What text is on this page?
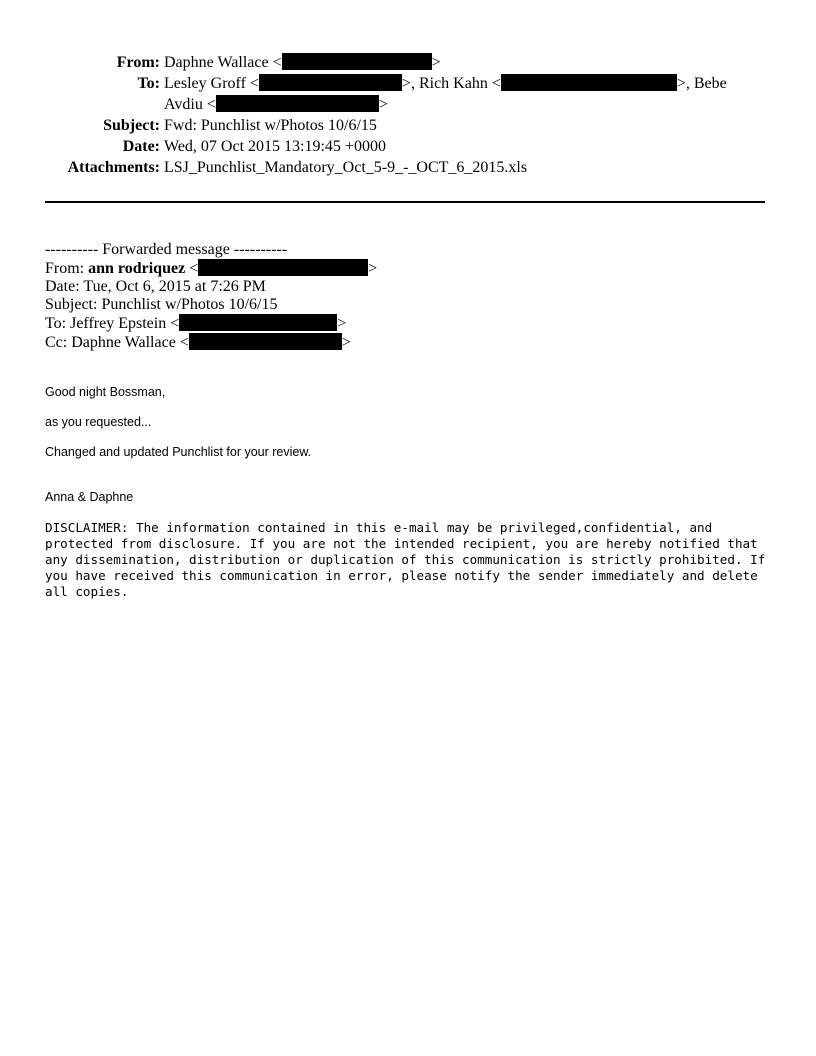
From: Daphne Wallace <	>
To: Lesley Groff <	>, Rich Kahn <	>, Bebe
Avdiu <	>
Subject: Fwd: Punchlist w/Photos 10/6/15
Date: Wed, 07 Oct 2015 13:19:45 +0000
Attachments: LSJ_Punchlist_Mandatory_Oct_5-9_-_OCT_6_2015.xls
---------- Forwarded message ----------
From: ann rodriquez <	>
Date: Tue, Oct 6, 2015 at 7:26 PM
Subject: Punchlist w/Photos 10/6/15
To: Jeffrey Epstein <	>
Cc: Daphne Wallace <	>

Good night Bossman,

as you requested...

Changed and updated Punchlist for your review.

Anna & Daphne

DISCLAIMER: The information contained in this e-mail may be privileged,confidential, and protected from disclosure. If you are not the intended recipient, you are hereby notified that any dissemination, distribution or duplication of this communication is strictly prohibited. If you have received this communication in error, please notify the sender immediately and delete all copies.
